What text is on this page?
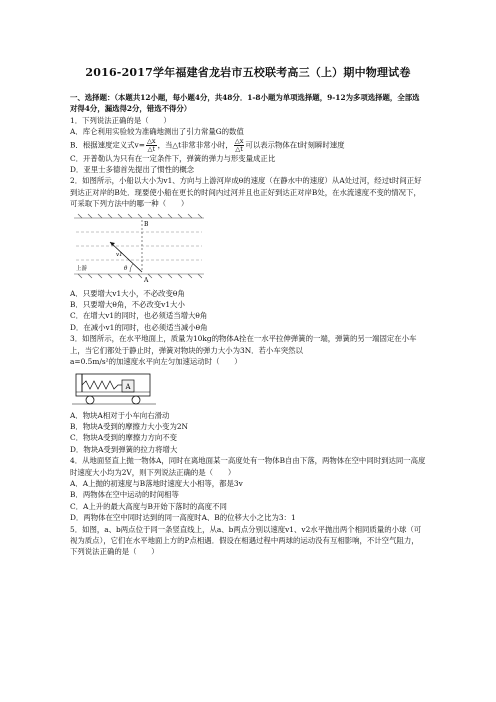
2016-2017学年福建省龙岩市五校联考高三（上）期中物理试卷

一、选择题：（本题共12小题，每小题4分，共48分．1-8小题为单项选择题，9-12为多项选择题，全部选对得4分，漏选得2分，错选不得分）

1．下列说法正确的是（　　）

A．库仑利用实验较为准确地测出了引力常量G的数值

B．根据速度定义式$v= \frac{\triangle x}{\triangle t}$ ，当△t非常非常小时， $\frac{\triangle x}{\triangle t}$ 可以表示物体在t时刻瞬时速度

C．开普勒认为只有在一定条件下，弹簧的弹力与形变量成正比

D．亚里士多德首先提出了惯性的概念

2．如图所示，小船以大小为v1、方向与上游河岸成θ的速度（在静水中的速度）从A处过河，经过t时间正好到达正对岸的B处．现要使小船在更长的时间内过河并且也正好到达正对岸B处，在水流速度不变的情况下，可采取下列方法中的哪一种（　　）

B
A
上游
v1
θ

A．只要增大v1大小，不必改变θ角

B．只要增大θ角，不必改变v1大小

C．在增大v1的同时，也必须适当增大θ角

D．在减小v1的同时，也必须适当减小θ角

3．如图所示，在水平地面上，质量为10kg的物体A拴在一水平拉伸弹簧的一端，弹簧的另一端固定在小车上，当它们都处于静止时，弹簧对物块的弹力大小为3N．若小车突然以

a=0.5m/s²的加速度水平向左匀加速运动时（　　）

A

A．物块A相对于小车向右滑动

B．物块A受到的摩擦力大小变为2N

C．物块A受到的摩擦力方向不变

D．物块A受到弹簧的拉力将增大

4．从地面竖直上抛一物体A，同时在离地面某一高度处有一物体B自由下落，两物体在空中同时到达同一高度时速度大小均为2V，则下列说法正确的是（　　）

A．A上抛的初速度与B落地时速度大小相等，都是3v

B．两物体在空中运动的时间相等

C．A上升的最大高度与B开始下落时的高度不同

D．两物体在空中同时达到的同一高度时A、B的位移大小之比为3：1

5．如图，a、b两点位于同一条竖直线上，从a、b两点分别以速度v1、v2水平抛出两个相同质量的小球（可视为质点），它们在水平地面上方的P点相遇．假设在相遇过程中两球的运动没有互相影响，不计空气阻力，下列说法正确的是（　　）
